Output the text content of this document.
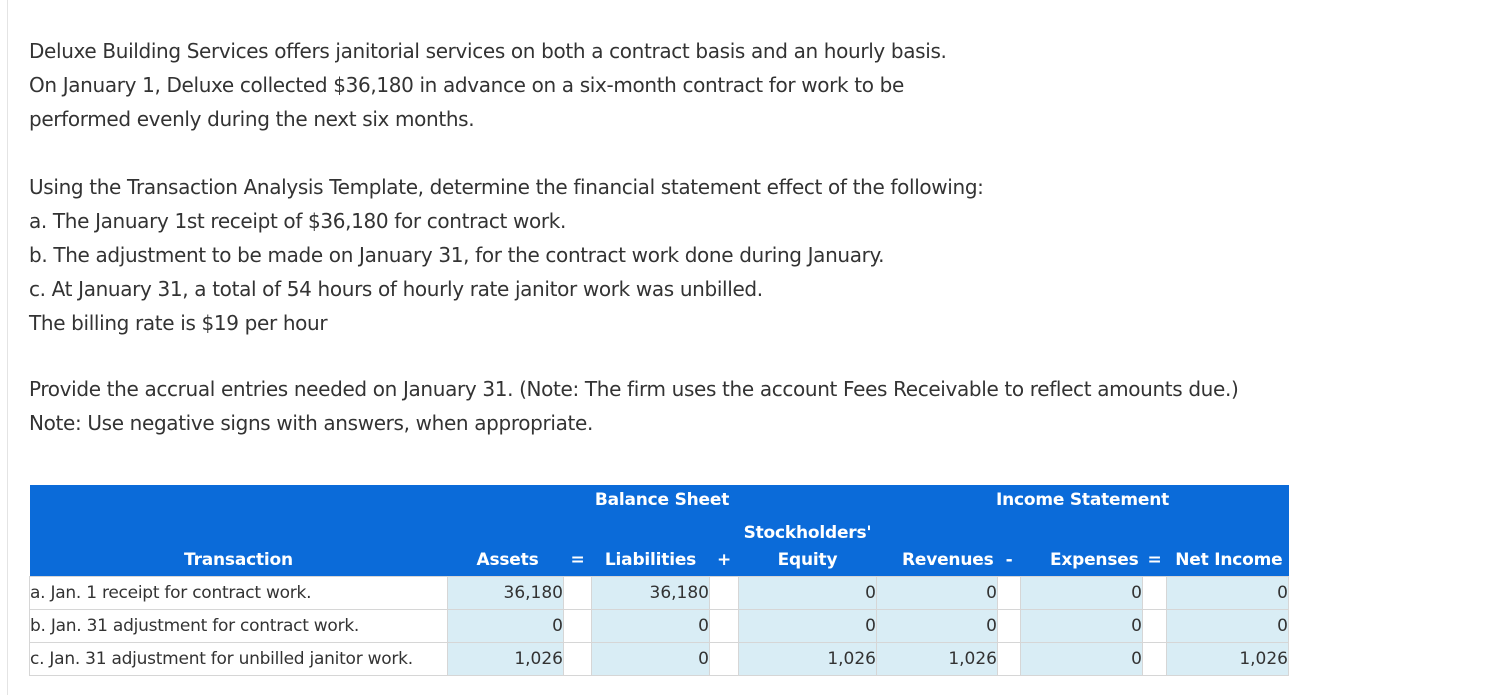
Deluxe Building Services offers janitorial services on both a contract basis and an hourly basis.
On January 1, Deluxe collected $36,180 in advance on a six-month contract for work to be
performed evenly during the next six months.
Using the Transaction Analysis Template, determine the financial statement effect of the following:
a. The January 1st receipt of $36,180 for contract work.
b. The adjustment to be made on January 31, for the contract work done during January.
c. At January 31, a total of 54 hours of hourly rate janitor work was unbilled.
The billing rate is $19 per hour
Provide the accrual entries needed on January 31. (Note: The firm uses the account Fees Receivable to reflect amounts due.)
Note: Use negative signs with answers, when appropriate.
	Balance Sheet					Income Statement				
					Stockholders'					
Transaction	Assets	=	Liabilities	+	Equity	Revenues	-	Expenses	=	Net Income
a. Jan. 1 receipt for contract work.	36,180		36,180		0	0		0		0
b. Jan. 31 adjustment for contract work.	0		0		0	0		0		0
c. Jan. 31 adjustment for unbilled janitor work.	1,026		0		1,026	1,026		0		1,026
